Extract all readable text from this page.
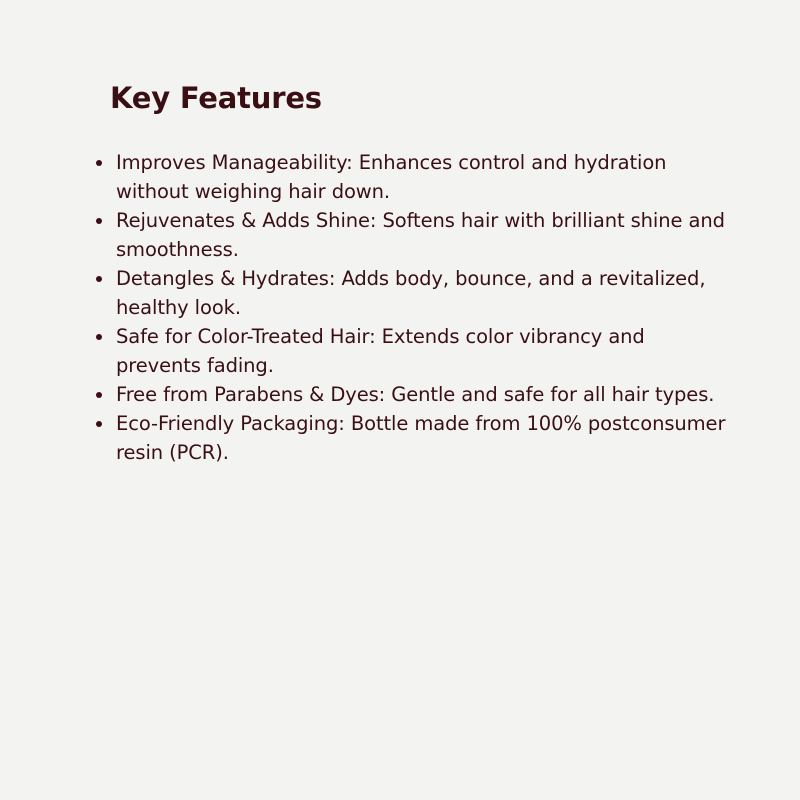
Key Features
Improves Manageability: Enhances control and hydration without weighing hair down.
Rejuvenates & Adds Shine: Softens hair with brilliant shine and smoothness.
Detangles & Hydrates: Adds body, bounce, and a revitalized, healthy look.
Safe for Color-Treated Hair: Extends color vibrancy and prevents fading.
Free from Parabens & Dyes: Gentle and safe for all hair types.
Eco-Friendly Packaging: Bottle made from 100% postconsumer resin (PCR).
